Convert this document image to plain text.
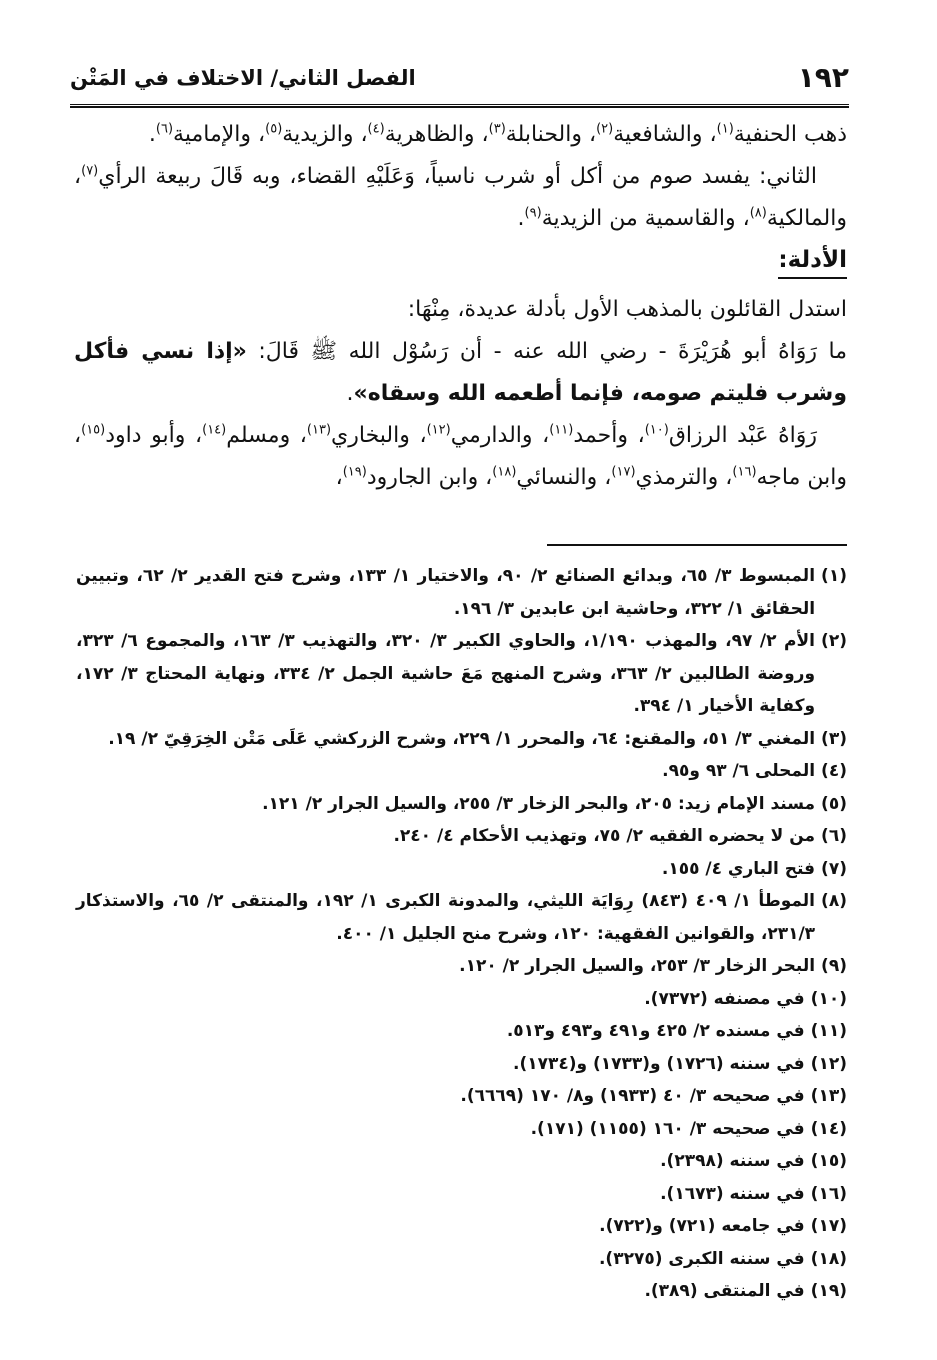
١٩٢
الفصل الثاني/ الاختلاف في المَتْن

ذهب الحنفية$^{(١)}$، والشافعية$^{(٢)}$، والحنابلة$^{(٣)}$، والظاهرية$^{(٤)}$، والزيدية$^{(٥)}$، والإمامية$^{(٦)}$.

الثاني: يفسد صوم من أكل أو شرب ناسياً، وَعَلَيْهِ القضاء، وبه قَالَ ربيعة الرأي$^{(٧)}$، والمالكية$^{(٨)}$، والقاسمية من الزيدية$^{(٩)}$.

الأدلة:

استدل القائلون بالمذهب الأول بأدلة عديدة، مِنْهَا:

ما رَوَاهُ أبو هُرَيْرَةَ - رضي الله عنه - أن رَسُوْل الله ﷺ قَالَ: «إذا نسي فأكل وشرب فليتم صومه، فإنما أطعمه الله وسقاه».

رَوَاهُ عَبْد الرزاق$^{(١٠)}$، وأحمد$^{(١١)}$، والدارمي$^{(١٢)}$، والبخاري$^{(١٣)}$، ومسلم$^{(١٤)}$، وأبو داود$^{(١٥)}$، وابن ماجه$^{(١٦)}$، والترمذي$^{(١٧)}$، والنسائي$^{(١٨)}$، وابن الجارود$^{(١٩)}$،

(١)
المبسوط ٣/ ٦٥، وبدائع الصنائع ٢/ ٩٠، والاختيار ١/ ١٣٣، وشرح فتح القدير ٢/ ٦٢، وتبيين الحقائق ١/ ٣٢٢، وحاشية ابن عابدين ٣/ ١٩٦.
(٢)
الأم ٢/ ٩٧، والمهذب ١/١٩٠، والحاوي الكبير ٣/ ٣٢٠، والتهذيب ٣/ ١٦٣، والمجموع ٦/ ٣٢٣، وروضة الطالبين ٢/ ٣٦٣، وشرح المنهج مَعَ حاشية الجمل ٢/ ٣٣٤، ونهاية المحتاج ٣/ ١٧٢، وكفاية الأخيار ١/ ٣٩٤.
(٣)
المغني ٣/ ٥١، والمقنع: ٦٤، والمحرر ١/ ٢٢٩، وشرح الزركشي عَلَى مَتْن الخِرَقِيّ ٢/ ١٩.
(٤)
المحلى ٦/ ٩٣ و٩٥.
(٥)
مسند الإمام زيد: ٢٠٥، والبحر الزخار ٣/ ٢٥٥، والسيل الجرار ٢/ ١٢١.
(٦)
من لا يحضره الفقيه ٢/ ٧٥، وتهذيب الأحكام ٤/ ٢٤٠.
(٧)
فتح الباري ٤/ ١٥٥.
(٨)
الموطأ ١/ ٤٠٩ (٨٤٣) رِوَايَة الليثي، والمدونة الكبرى ١/ ١٩٢، والمنتقى ٢/ ٦٥، والاستذكار ٢٣١/٣، والقوانين الفقهية: ١٢٠، وشرح منح الجليل ١/ ٤٠٠.
(٩)
البحر الزخار ٣/ ٢٥٣، والسيل الجرار ٢/ ١٢٠.
(١٠)
في مصنفه (٧٣٧٢).
(١١)
في مسنده ٢/ ٤٢٥ و٤٩١ و٤٩٣ و٥١٣.
(١٢)
في سننه (١٧٢٦) و(١٧٣٣) و(١٧٣٤).
(١٣)
في صحيحه ٣/ ٤٠ (١٩٣٣) و٨/ ١٧٠ (٦٦٦٩).
(١٤)
في صحيحه ٣/ ١٦٠ (١١٥٥) (١٧١).
(١٥)
في سننه (٢٣٩٨).
(١٦)
في سننه (١٦٧٣).
(١٧)
في جامعه (٧٢١) و(٧٢٢).
(١٨)
في سننه الكبرى (٣٢٧٥).
(١٩)
في المنتقى (٣٨٩).
